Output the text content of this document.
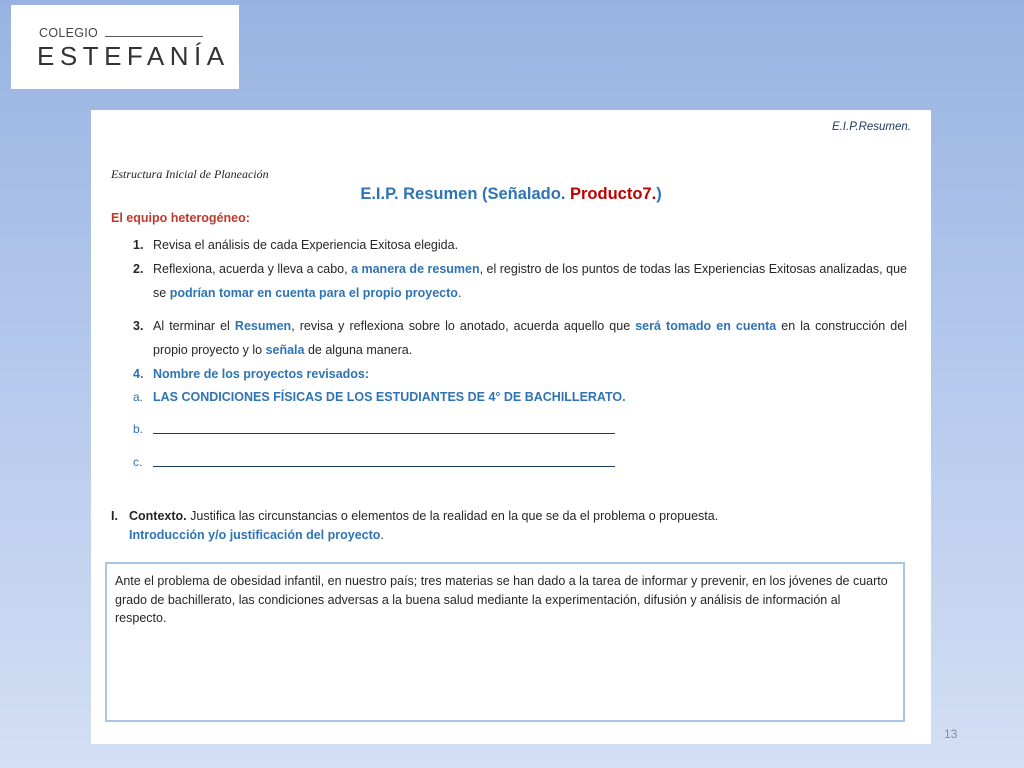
COLEGIO
ESTEFANÍA
E.I.P.Resumen.
Estructura Inicial de Planeación
E.I.P. Resumen (Señalado. Producto7.)
El equipo heterogéneo:
1. Revisa el análisis de cada Experiencia Exitosa elegida.
2. Reflexiona, acuerda y lleva a cabo, a manera de resumen, el registro de los puntos de todas las Experiencias Exitosas analizadas, que se podrían tomar en cuenta para el propio proyecto.
3. Al terminar el Resumen, revisa y reflexiona sobre lo anotado, acuerda aquello que será tomado en cuenta en la construcción del propio proyecto y lo señala de alguna manera.
4. Nombre de los proyectos revisados:
a. LAS CONDICIONES FÍSICAS DE LOS ESTUDIANTES DE 4° DE BACHILLERATO.
b.
c.
I. Contexto. Justifica las circunstancias o elementos de la realidad en la que se da el problema o propuesta.
Introducción y/o justificación del proyecto.
Ante el problema de obesidad infantil, en nuestro país; tres materias se han dado a la tarea de informar y prevenir, en los jóvenes de cuarto grado de bachillerato, las condiciones adversas a la buena salud mediante la experimentación, difusión y análisis de información al respecto.
13
